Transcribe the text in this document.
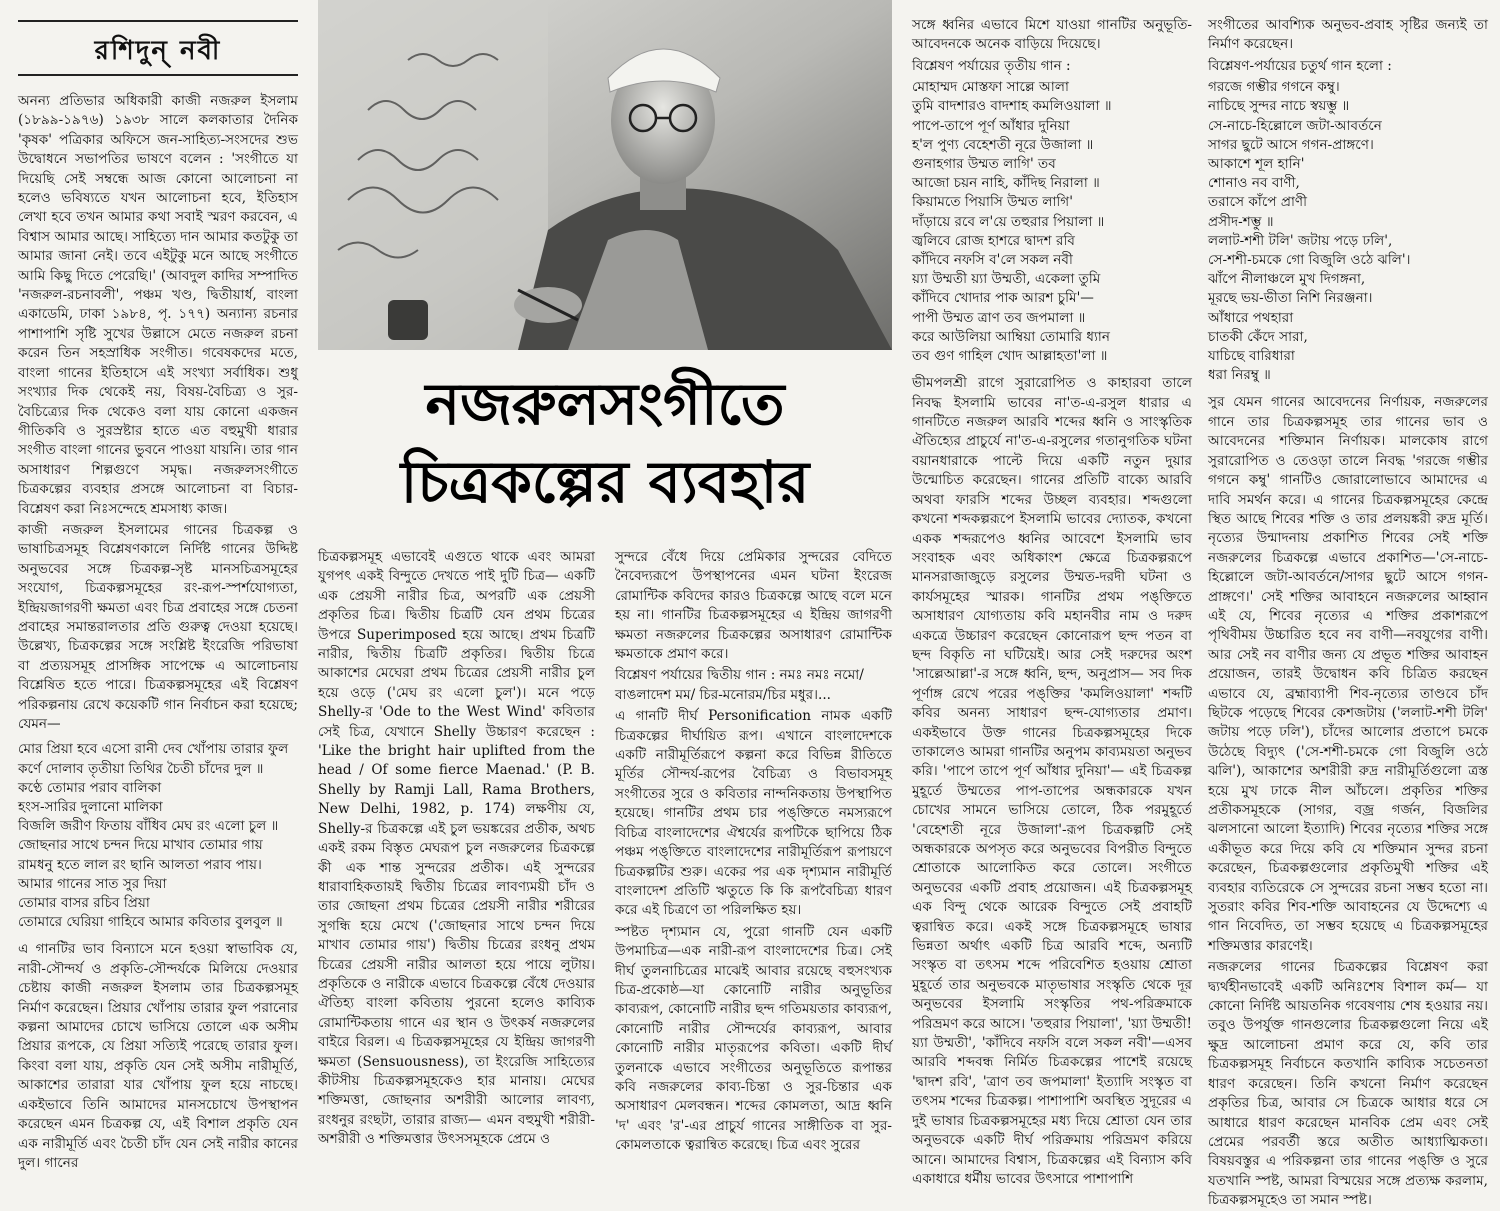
রশিদুন্ নবী

অনন্য প্রতিভার অধিকারী কাজী নজরুল ইসলাম (১৮৯৯-১৯৭৬) ১৯৩৮ সালে কলকাতার দৈনিক 'কৃষক' পত্রিকার অফিসে জন-সাহিত্য-সংসদের শুভ উদ্বোধনে সভাপতির ভাষণে বলেন : 'সংগীতে যা দিয়েছি সেই সম্বন্ধে আজ কোনো আলোচনা না হলেও ভবিষ্যতে যখন আলোচনা হবে, ইতিহাস লেখা হবে তখন আমার কথা সবাই স্মরণ করবেন, এ বিশ্বাস আমার আছে। সাহিত্যে দান আমার কতটুকু তা আমার জানা নেই। তবে এইটুকু মনে আছে সংগীতে আমি কিছু দিতে পেরেছি।' (আবদুল কাদির সম্পাদিত 'নজরুল-রচনাবলী', পঞ্চম খণ্ড, দ্বিতীয়ার্ধ, বাংলা একাডেমি, ঢাকা ১৯৮৪, পৃ. ১৭৭) অন্যান্য রচনার পাশাপাশি সৃষ্টি সুখের উল্লাসে মেতে নজরুল রচনা করেন তিন সহস্রাধিক সংগীত। গবেষকদের মতে, বাংলা গানের ইতিহাসে এই সংখ্যা সর্বাধিক। শুধু সংখ্যার দিক থেকেই নয়, বিষয়-বৈচিত্র্য ও সুর-বৈচিত্র্যের দিক থেকেও বলা যায় কোনো একজন গীতিকবি ও সুরস্রষ্টার হাতে এত বহুমুখী ধারার সংগীত বাংলা গানের ভুবনে পাওয়া যায়নি। তার গান অসাধারণ শিল্পগুণে সমৃদ্ধ। নজরুলসংগীতে চিত্রকল্পের ব্যবহার প্রসঙ্গে আলোচনা বা বিচার-বিশ্লেষণ করা নিঃসন্দেহে শ্রমসাধ্য কাজ।

কাজী নজরুল ইসলামের গানের চিত্রকল্প ও ভাষাচিত্রসমূহ বিশ্লেষণকালে নির্দিষ্ট গানের উদ্দিষ্ট অনুভবের সঙ্গে চিত্রকল্প-সৃষ্ট মানসচিত্রসমূহের সংযোগ, চিত্রকল্পসমূহের রং-রূপ-স্পর্শযোগ্যতা, ইন্দ্রিয়জাগরণী ক্ষমতা এবং চিত্র প্রবাহের সঙ্গে চেতনা প্রবাহের সমান্তরালতার প্রতি গুরুত্ব দেওয়া হয়েছে। উল্লেখ্য, চিত্রকল্পের সঙ্গে সংশ্লিষ্ট ইংরেজি পরিভাষা বা প্রত্যয়সমূহ প্রাসঙ্গিক সাপেক্ষে এ আলোচনায় বিশ্লেষিত হতে পারে। চিত্রকল্পসমূহের এই বিশ্লেষণ পরিকল্পনায় রেখে কয়েকটি গান নির্বাচন করা হয়েছে; যেমন—

মোর প্রিয়া হবে এসো রানী দেব খোঁপায় তারার ফুল
কর্ণে দোলাব তৃতীয়া তিথির চৈতী চাঁদের দুল ॥
কণ্ঠে তোমার পরাব বালিকা
হংস-সারির দুলানো মালিকা
বিজলি জরীণ ফিতায় বাঁধিব মেঘ রং এলো চুল ॥
জোছনার সাথে চন্দন দিয়ে মাখাব তোমার গায়
রামধনু হতে লাল রং ছানি আলতা পরাব পায়।
আমার গানের সাত সুর দিয়া
তোমার বাসর রচিব প্রিয়া
তোমারে ঘেরিয়া গাহিবে আমার কবিতার বুলবুল ॥

এ গানটির ভাব বিন্যাসে মনে হওয়া স্বাভাবিক যে, নারী-সৌন্দর্য ও প্রকৃতি-সৌন্দর্যকে মিলিয়ে দেওয়ার চেষ্টায় কাজী নজরুল ইসলাম তার চিত্রকল্পসমূহ নির্মাণ করেছেন। প্রিয়ার খোঁপায় তারার ফুল পরানোর কল্পনা আমাদের চোখে ভাসিয়ে তোলে এক অসীম প্রিয়ার রূপকে, যে প্রিয়া সত্যিই পরেছে তারার ফুল। কিংবা বলা যায়, প্রকৃতি যেন সেই অসীম নারীমূর্তি, আকাশের তারারা যার খোঁপায় ফুল হয়ে নাচছে। একইভাবে তিনি আমাদের মানসচোখে উপস্থাপন করেছেন এমন চিত্রকল্প যে, এই বিশাল প্রকৃতি যেন এক নারীমূর্তি এবং চৈতী চাঁদ যেন সেই নারীর কানের দুল। গানের

নজরুলসংগীতে
চিত্রকল্পের ব্যবহার

চিত্রকল্পসমূহ এভাবেই এগুতে থাকে এবং আমরা যুগপৎ একই বিন্দুতে দেখতে পাই দুটি চিত্র— একটি এক প্রেয়সী নারীর চিত্র, অপরটি এক প্রেয়সী প্রকৃতির চিত্র। দ্বিতীয় চিত্রটি যেন প্রথম চিত্রের উপরে Superimposed হয়ে আছে। প্রথম চিত্রটি নারীর, দ্বিতীয় চিত্রটি প্রকৃতির। দ্বিতীয় চিত্রে আকাশের মেঘেরা প্রথম চিত্রের প্রেয়সী নারীর চুল হয়ে ওড়ে ('মেঘ রং এলো চুল')। মনে পড়ে Shelly-র 'Ode to the West Wind' কবিতার সেই চিত্র, যেখানে Shelly উচ্চারণ করেছেন : 'Like the bright hair uplifted from the head / Of some fierce Maenad.' (P. B. Shelly by Ramji Lall, Rama Brothers, New Delhi, 1982, p. 174) লক্ষণীয় যে, Shelly-র চিত্রকল্পে এই চুল ভয়ঙ্করের প্রতীক, অথচ একই রকম বিস্তৃত মেঘরূপ চুল নজরুলের চিত্রকল্পে কী এক শান্ত সুন্দরের প্রতীক। এই সুন্দরের ধারাবাহিকতায়ই দ্বিতীয় চিত্রের লাবণ্যময়ী চাঁদ ও তার জোছনা প্রথম চিত্রের প্রেয়সী নারীর শরীরের সুগন্ধি হয়ে মেখে ('জোছনার সাথে চন্দন দিয়ে মাখাব তোমার গায়') দ্বিতীয় চিত্রের রংধনু প্রথম চিত্রের প্রেয়সী নারীর আলতা হয়ে পায়ে লুটায়। প্রকৃতিকে ও নারীকে এভাবে চিত্রকল্পে বেঁধে দেওয়ার ঐতিহ্য বাংলা কবিতায় পুরনো হলেও কাব্যিক রোমান্টিকতায় গানে এর স্থান ও উৎকর্ষ নজরুলের বাইরে বিরল। এ চিত্রকল্পসমূহের যে ইন্দ্রিয় জাগরণী ক্ষমতা (Sensuousness), তা ইংরেজি সাহিত্যের কীটসীয় চিত্রকল্পসমূহকেও হার মানায়। মেঘের শক্তিমত্তা, জোছনার অশরীরী আলোর লাবণ্য, রংধনুর রংছটা, তারার রাজ্য— এমন বহুমুখী শরীরী-অশরীরী ও শক্তিমত্তার উৎসসমূহকে প্রেমে ও

সুন্দরে বেঁধে দিয়ে প্রেমিকার সুন্দরের বেদিতে নৈবেদ্যরূপে উপস্থাপনের এমন ঘটনা ইংরেজ রোমান্টিক কবিদের কারও চিত্রকল্পে আছে বলে মনে হয় না। গানটির চিত্রকল্পসমূহের এ ইন্দ্রিয় জাগরণী ক্ষমতা নজরুলের চিত্রকল্পের অসাধারণ রোমান্টিক ক্ষমতাকে প্রমাণ করে।

বিশ্লেষণ পর্যায়ের দ্বিতীয় গান : নমঃ নমঃ নমো/ বাঙলাদেশ মম/ চির-মনোরম/চির মধুর।...

এ গানটি দীর্ঘ Personification নামক একটি চিত্রকল্পের দীর্ঘায়িত রূপ। এখানে বাংলাদেশকে একটি নারীমূর্তিরূপে কল্পনা করে বিভিন্ন রীতিতে মূর্তির সৌন্দর্য-রূপের বৈচিত্র্য ও বিভাবসমূহ সংগীতের সুরে ও কবিতার নান্দনিকতায় উপস্থাপিত হয়েছে। গানটির প্রথম চার পঙ্‌ক্তিতে নমস্যরূপে বিচিত্র বাংলাদেশের ঐশ্বর্যের রূপটিকে ছাপিয়ে ঠিক পঞ্চম পঙ্‌ক্তিতে বাংলাদেশের নারীমূর্তিরূপ রূপায়ণে চিত্রকল্পটির শুরু। একের পর এক দৃশ্যমান নারীমূর্তি বাংলাদেশ প্রতিটি ঋতুতে কি কি রূপবৈচিত্র্য ধারণ করে এই চিত্রণে তা পরিলক্ষিত হয়।

স্পষ্টত দৃশ্যমান যে, পুরো গানটি যেন একটি উপমাচিত্র—এক নারী-রূপ বাংলাদেশের চিত্র। সেই দীর্ঘ তুলনাচিত্রের মাঝেই আবার রয়েছে বহুসংখ্যক চিত্র-প্রকোষ্ঠ—যা কোনোটি নারীর অনুভূতির কাব্যরূপ, কোনোটি নারীর ছন্দ গতিময়তার কাব্যরূপ, কোনোটি নারীর সৌন্দর্যের কাব্যরূপ, আবার কোনোটি নারীর মাতৃরূপের কবিতা। একটি দীর্ঘ তুলনাকে এভাবে সংগীতের অনুভূতিতে রূপান্তর কবি নজরুলের কাব্য-চিন্তা ও সুর-চিন্তার এক অসাধারণ মেলবন্ধন। শব্দের কোমলতা, আদ্র ধ্বনি 'দ' এবং 'র'-এর প্রাচুর্য গানের সাঙ্গীতিক বা সুর-কোমলতাকে ত্বরান্বিত করেছে। চিত্র এবং সুরের

সঙ্গে ধ্বনির এভাবে মিশে যাওয়া গানটির অনুভূতি-আবেদনকে অনেক বাড়িয়ে দিয়েছে।

বিশ্লেষণ পর্যায়ের তৃতীয় গান :

মোহাম্মদ মোস্তফা সাল্লে আলা
তুমি বাদশারও বাদশাহ কমলিওয়ালা ॥
পাপে-তাপে পূর্ণ আঁধার দুনিয়া
হ'ল পুণ্য বেহেশতী নূরে উজালা ॥
গুনাহগার উম্মত লাগি' তব
আজো চয়ন নাহি, কাঁদিছ নিরালা ॥
কিয়ামতে পিয়াসি উম্মত লাগি'
দাঁড়ায়ে রবে ল'য়ে তহুরার পিয়ালা ॥
জ্বলিবে রোজ হাশরে দ্বাদশ রবি
কাঁদিবে নফসি ব'লে সকল নবী
য়্যা উম্মতী য়্যা উম্মতী, একেলা তুমি
কাঁদিবে খোদার পাক আরশ চুমি'—
পাপী উম্মত ত্রাণ তব জপমালা ॥
করে আউলিয়া আম্বিয়া তোমারি ধ্যান
তব গুণ গাহিল খোদ আল্লাহতা'লা ॥

ভীমপলশ্রী রাগে সুরারোপিত ও কাহারবা তালে নিবদ্ধ ইসলামি ভাবের না'ত-এ-রসুল ধারার এ গানটিতে নজরুল আরবি শব্দের ধ্বনি ও সাংস্কৃতিক ঐতিহ্যের প্রাচুর্যে না'ত-এ-রসুলের গতানুগতিক ঘটনা বয়ানধারাকে পাল্টে দিয়ে একটি নতুন দুয়ার উন্মোচিত করেছেন। গানের প্রতিটি বাক্যে আরবি অথবা ফারসি শব্দের উচ্ছল ব্যবহার। শব্দগুলো কখনো শব্দকল্পরূপে ইসলামি ভাবের দ্যোতক, কখনো একক শব্দরূপেও ধ্বনির আবেশে ইসলামি ভাব সংবাহক এবং অধিকাংশ ক্ষেত্রে চিত্রকল্পরূপে মানসরাজাজুড়ে রসুলের উম্মত-দরদী ঘটনা ও কার্যসমূহের স্মারক। গানটির প্রথম পঙ্‌ক্তিতে অসাধারণ যোগ্যতায় কবি মহানবীর নাম ও দরুদ একত্রে উচ্চারণ করেছেন কোনোরূপ ছন্দ পতন বা ছন্দ বিকৃতি না ঘটিয়েই। আর সেই দরুদের অংশ 'সাল্লেআল্লা'-র সঙ্গে ধ্বনি, ছন্দ, অনুপ্রাস— সব দিক পূর্ণাঙ্গ রেখে পরের পঙ্‌ক্তির 'কমলিওয়ালা' শব্দটি কবির অনন্য সাধারণ ছন্দ-যোগ্যতার প্রমাণ। একইভাবে উক্ত গানের চিত্রকল্পসমূহের দিকে তাকালেও আমরা গানটির অনুপম কাব্যময়তা অনুভব করি। 'পাপে তাপে পূর্ণ আঁধার দুনিয়া'— এই চিত্রকল্প মুহূর্তে উম্মতের পাপ-তাপের অন্ধকারকে যখন চোখের সামনে ভাসিয়ে তোলে, ঠিক পরমুহূর্তে 'বেহেশতী নূরে উজালা'-রূপ চিত্রকল্পটি সেই অন্ধকারকে অপসৃত করে অনুভবের বিপরীত বিন্দুতে শ্রোতাকে আলোকিত করে তোলে। সংগীতে অনুভবের একটি প্রবাহ প্রয়োজন। এই চিত্রকল্পসমূহ এক বিন্দু থেকে আরেক বিন্দুতে সেই প্রবাহটি ত্বরান্বিত করে। একই সঙ্গে চিত্রকল্পসমূহে ভাষার ভিন্নতা অর্থাৎ একটি চিত্র আরবি শব্দে, অন্যটি সংস্কৃত বা তৎসম শব্দে পরিবেশিত হওয়ায় শ্রোতা মুহূর্তে তার অনুভবকে মাতৃভাষার সংস্কৃতি থেকে দূর অনুভবের ইসলামি সংস্কৃতির পথ-পরিক্রমাকে পরিভ্রমণ করে আসে। 'তহুরার পিয়ালা', 'য়্যা উম্মতী! য়্যা উম্মতী', 'কাঁদিবে নফসি বলে সকল নবী'—এসব আরবি শব্দবন্ধ নির্মিত চিত্রকল্পের পাশেই রয়েছে 'দ্বাদশ রবি', 'ত্রাণ তব জপমালা' ইত্যাদি সংস্কৃত বা তৎসম শব্দের চিত্রকল্প। পাশাপাশি অবস্থিত সুদূরের এ দুই ভাষার চিত্রকল্পসমূহের মধ্য দিয়ে শ্রোতা যেন তার অনুভবকে একটি দীর্ঘ পরিক্রমায় পরিভ্রমণ করিয়ে আনে। আমাদের বিশ্বাস, চিত্রকল্পের এই বিন্যাস কবি একাধারে ধর্মীয় ভাবের উৎসারে পাশাপাশি

সংগীতের আবশ্যিক অনুভব-প্রবাহ সৃষ্টির জন্যই তা নির্মাণ করেছেন।

বিশ্লেষণ-পর্যায়ের চতুর্থ গান হলো :

গরজে গম্ভীর গগনে কম্বু।
নাচিছে সুন্দর নাচে স্বয়ম্ভু ॥
সে-নাচে-হিল্লোলে জটা-আবর্তনে
সাগর ছুটে আসে গগন-প্রাঙ্গণে।
আকাশে শূল হানি'
শোনাও নব বাণী,
তরাসে কাঁপে প্রাণী
প্রসীদ-শম্ভু ॥
ললাট-শশী টলি' জটায় পড়ে ঢলি',
সে-শশী-চমকে গো বিজুলি ওঠে ঝলি'।
ঝাঁপে নীলাঞ্চলে মুখ দিগঙ্গনা,
মূরছে ভয়-ভীতা নিশি নিরঞ্জনা।
আঁধারে পথহারা
চাতকী কেঁদে সারা,
যাচিছে বারিধারা
ধরা নিরম্বু ॥

সুর যেমন গানের আবেদনের নির্ণায়ক, নজরুলের গানে তার চিত্রকল্পসমূহ তার গানের ভাব ও আবেদনের শক্তিমান নির্ণায়ক। মালকোষ রাগে সুরারোপিত ও তেওড়া তালে নিবদ্ধ 'গরজে গম্ভীর গগনে কম্বু' গানটিও জোরালোভাবে আমাদের এ দাবি সমর্থন করে। এ গানের চিত্রকল্পসমূহের কেন্দ্রে স্থিত আছে শিবের শক্তি ও তার প্রলয়ঙ্করী রুদ্র মূর্তি। নৃত্যের উন্মাদনায় প্রকাশিত শিবের সেই শক্তি নজরুলের চিত্রকল্পে এভাবে প্রকাশিত—'সে-নাচে-হিল্লোলে জটা-আবর্তনে/সাগর ছুটে আসে গগন-প্রাঙ্গণে।' সেই শক্তির আবাহনে নজরুলের আহ্বান এই যে, শিবের নৃত্যের এ শক্তির প্রকাশরূপে পৃথিবীময় উচ্চারিত হবে নব বাণী—নবযুগের বাণী। আর সেই নব বাণীর জন্য যে প্রভূত শক্তির আবাহন প্রয়োজন, তারই উদ্বোধন কবি চিত্রিত করছেন এভাবে যে, ব্রহ্মাব্যাপী শিব-নৃত্যের তাণ্ডবে চাঁদ ছিটকে পড়েছে শিবের কেশজটায় ('ললাট-শশী টলি' জটায় পড়ে ঢলি'), চাঁদের আলোর প্রতাপে চমকে উঠেছে বিদ্যুৎ ('সে-শশী-চমকে গো বিজুলি ওঠে ঝলি'), আকাশের অশরীরী রুদ্র নারীমূর্তিগুলো ত্রস্ত হয়ে মুখ ঢাকে নীল আঁচলে। প্রকৃতির শক্তির প্রতীকসমূহকে (সাগর, বজ্র গর্জন, বিজলির ঝলসানো আলো ইত্যাদি) শিবের নৃত্যের শক্তির সঙ্গে একীভূত করে দিয়ে কবি যে শক্তিমান সুন্দর রচনা করেছেন, চিত্রকল্পগুলোর প্রকৃতিমুখী শক্তির এই ব্যবহার ব্যতিরেকে সে সুন্দরের রচনা সম্ভব হতো না। সুতরাং কবির শিব-শক্তি আবাহনের যে উদ্দেশ্যে এ গান নিবেদিত, তা সম্ভব হয়েছে এ চিত্রকল্পসমূহের শক্তিমত্তার কারণেই।

নজরুলের গানের চিত্রকল্পের বিশ্লেষণ করা দ্ব্যর্থহীনভাবেই একটি অনিঃশেষ বিশাল কর্ম— যা কোনো নির্দিষ্ট আয়তনিক গবেষণায় শেষ হওয়ার নয়। তবুও উপর্যুক্ত গানগুলোর চিত্রকল্পগুলো নিয়ে এই ক্ষুদ্র আলোচনা প্রমাণ করে যে, কবি তার চিত্রকল্পসমূহ নির্বাচনে কতখানি কাব্যিক সচেতনতা ধারণ করেছেন। তিনি কখনো নির্মাণ করেছেন প্রকৃতির চিত্র, আবার সে চিত্রকে আধার ধরে সে আধারে ধারণ করেছেন মানবিক প্রেম এবং সেই প্রেমের পরবর্তী স্তরে অতীত আধ্যাত্মিকতা। বিষয়বস্তুর এ পরিকল্পনা তার গানের পঙ্‌ক্তি ও সুরে যতখানি স্পষ্ট, আমরা বিস্ময়ের সঙ্গে প্রত্যক্ষ করলাম, চিত্রকল্পসমূহেও তা সমান স্পষ্ট।
